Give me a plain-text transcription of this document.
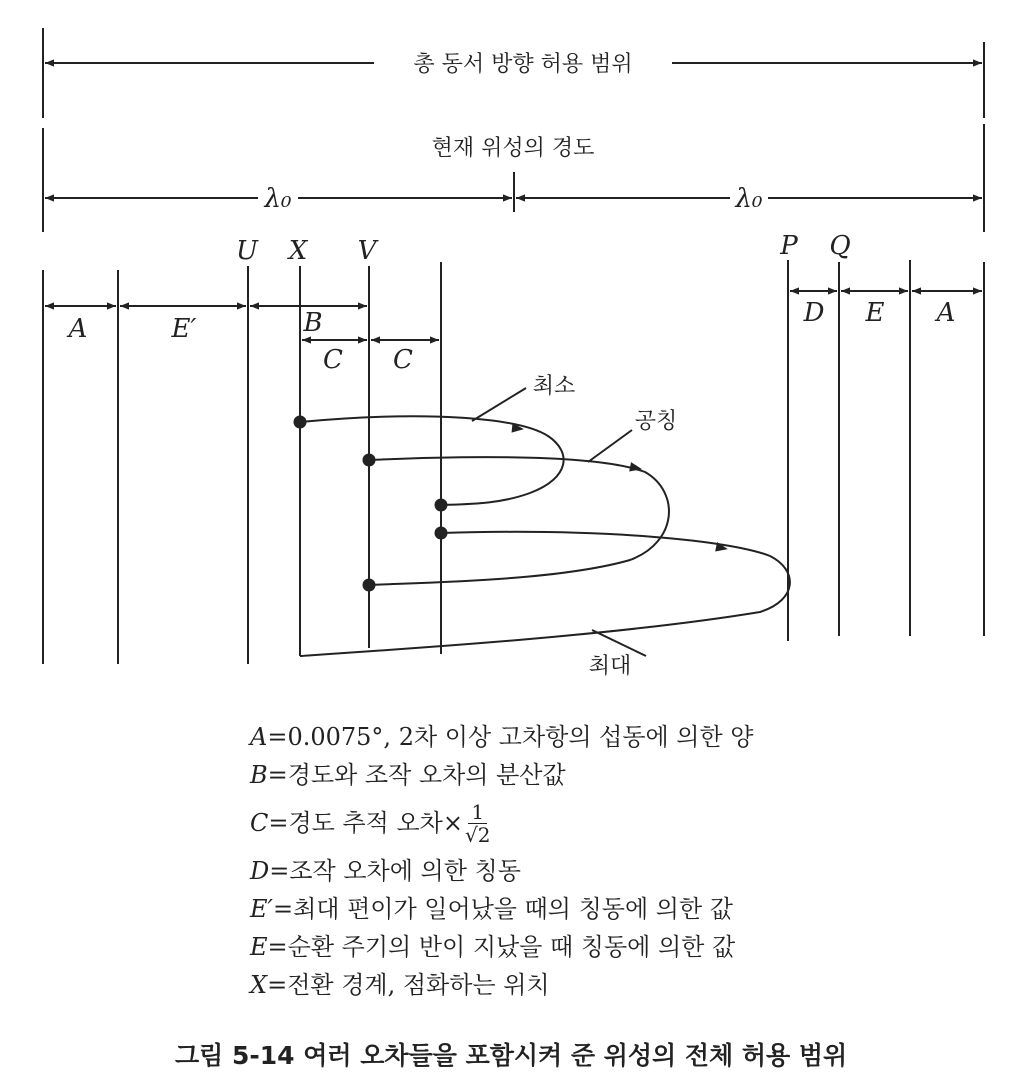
총 동서 방향 허용 범위
현재 위성의 경도
λ₀	λ₀
U X V	P Q
A	E′	B
C C
D E A
최소
공칭
최대
A =0.0075°, 2차 이상 고차항의 섭동에 의한 양
B =경도와 조작 오차의 분산값
C =경도 추적 오차× $\frac{1}{√2}$
D =조작 오차에 의한 칭동
E′ =최대 편이가 일어났을 때의 칭동에 의한 값
E =순환 주기의 반이 지났을 때 칭동에 의한 값
X =전환 경계, 점화하는 위치
그림 5-14 여러 오차들을 포함시켜 준 위성의 전체 허용 범위
